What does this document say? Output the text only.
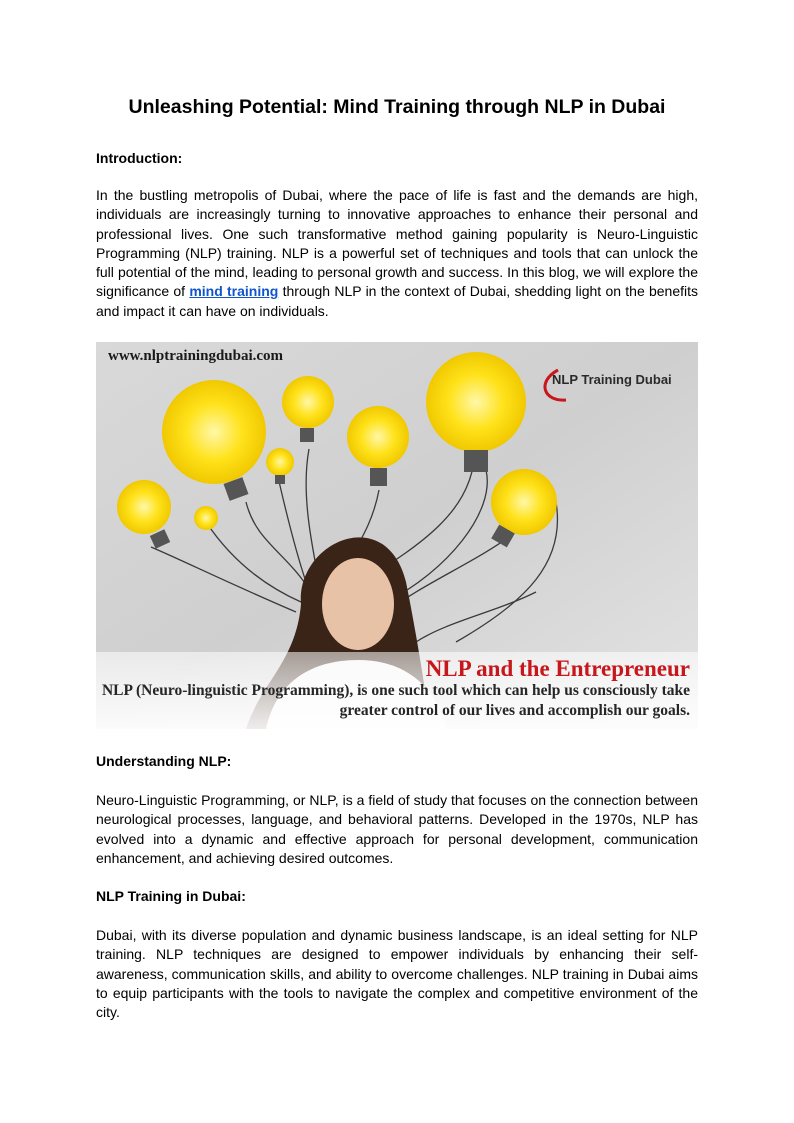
Unleashing Potential: Mind Training through NLP in Dubai

Introduction:

In the bustling metropolis of Dubai, where the pace of life is fast and the demands are high, individuals are increasingly turning to innovative approaches to enhance their personal and professional lives. One such transformative method gaining popularity is Neuro-Linguistic Programming (NLP) training. NLP is a powerful set of techniques and tools that can unlock the full potential of the mind, leading to personal growth and success. In this blog, we will explore the significance of mind training through NLP in the context of Dubai, shedding light on the benefits and impact it can have on individuals.

www.nlptrainingdubai.com
NLP Training Dubai
NLP and the Entrepreneur
NLP (Neuro-linguistic Programming), is one such tool which can help us consciously take
greater control of our lives and accomplish our goals.

Understanding NLP:

Neuro-Linguistic Programming, or NLP, is a field of study that focuses on the connection between neurological processes, language, and behavioral patterns. Developed in the 1970s, NLP has evolved into a dynamic and effective approach for personal development, communication enhancement, and achieving desired outcomes.

NLP Training in Dubai:

Dubai, with its diverse population and dynamic business landscape, is an ideal setting for NLP training. NLP techniques are designed to empower individuals by enhancing their self-awareness, communication skills, and ability to overcome challenges. NLP training in Dubai aims to equip participants with the tools to navigate the complex and competitive environment of the city.
